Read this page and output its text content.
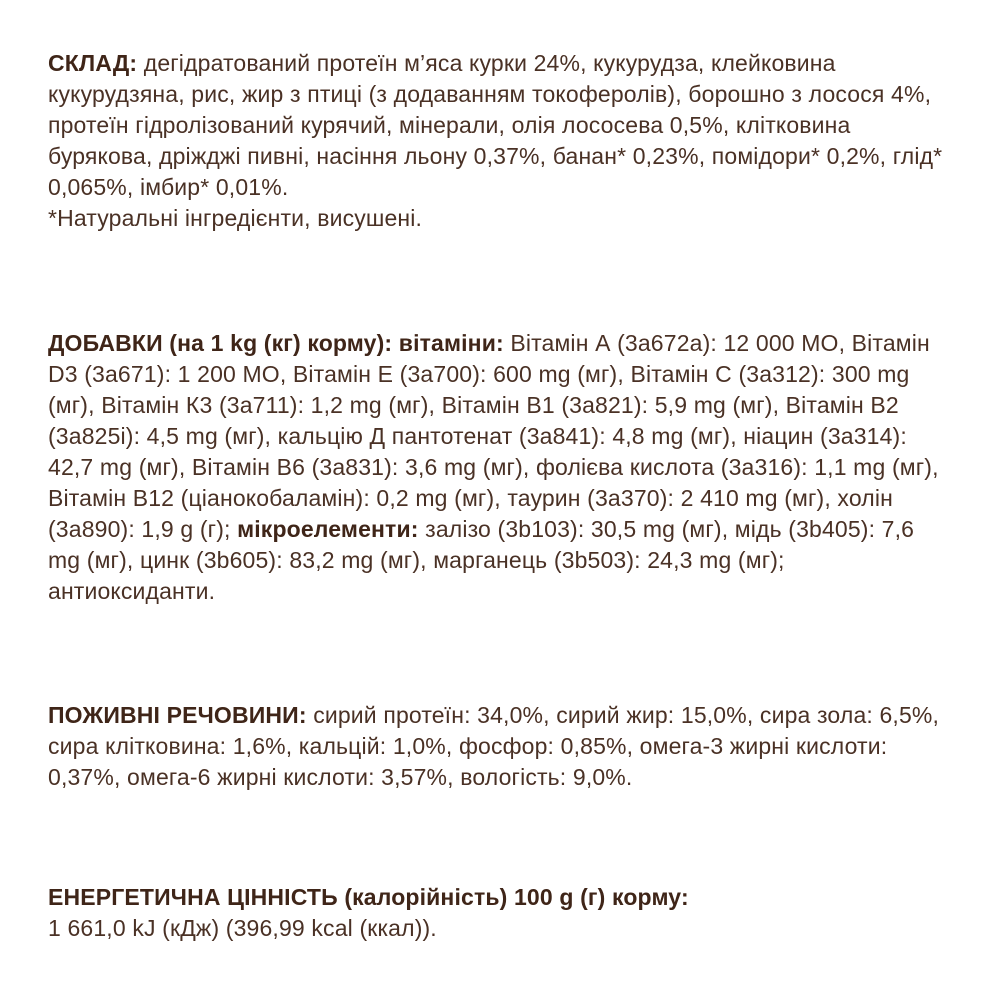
СКЛАД: дегідратований протеїн м’яса курки 24%, кукурудза, клейковина кукурудзяна, рис, жир з птиці (з додаванням токоферолів), борошно з лосося 4%, протеїн гідролізований курячий, мінерали, олія лососева 0,5%, клітковина бурякова, дріжджі пивні, насіння льону 0,37%, банан* 0,23%, помідори* 0,2%, глід* 0,065%, імбир* 0,01%.
*Натуральні інгредієнти, висушені.

ДОБАВКИ (на 1 kg (кг) корму): вітаміни: Вітамін А (3а672а): 12 000 МО, Вітамін D3 (3а671): 1 200 МО, Вітамін Е (3а700): 600 mg (мг), Вітамін С (3а312): 300 mg (мг), Вітамін К3 (3а711): 1,2 mg (мг), Вітамін В1 (3а821): 5,9 mg (мг), Вітамін В2 (3а825і): 4,5 mg (мг), кальцію Д пантотенат (3а841): 4,8 mg (мг), ніацин (3а314): 42,7 mg (мг), Вітамін В6 (3а831): 3,6 mg (мг), фолієва кислота (3а316): 1,1 mg (мг), Вітамін В12 (ціанокобаламін): 0,2 mg (мг), таурин (3а370): 2 410 mg (мг), холін (3а890): 1,9 g (г); мікроелементи: залізо (3b103): 30,5 mg (мг), мідь (3b405): 7,6 mg (мг), цинк (3b605): 83,2 mg (мг), марганець (3b503): 24,3 mg (мг); антиоксиданти.

ПОЖИВНІ РЕЧОВИНИ: сирий протеїн: 34,0%, сирий жир: 15,0%, сира зола: 6,5%, сира клітковина: 1,6%, кальцій: 1,0%, фосфор: 0,85%, омега-3 жирні кислоти: 0,37%, омега-6 жирні кислоти: 3,57%, вологість: 9,0%.

ЕНЕРГЕТИЧНА ЦІННІСТЬ (калорійність) 100 g (г) корму:
1 661,0 kJ (кДж) (396,99 kcal (ккал)).
